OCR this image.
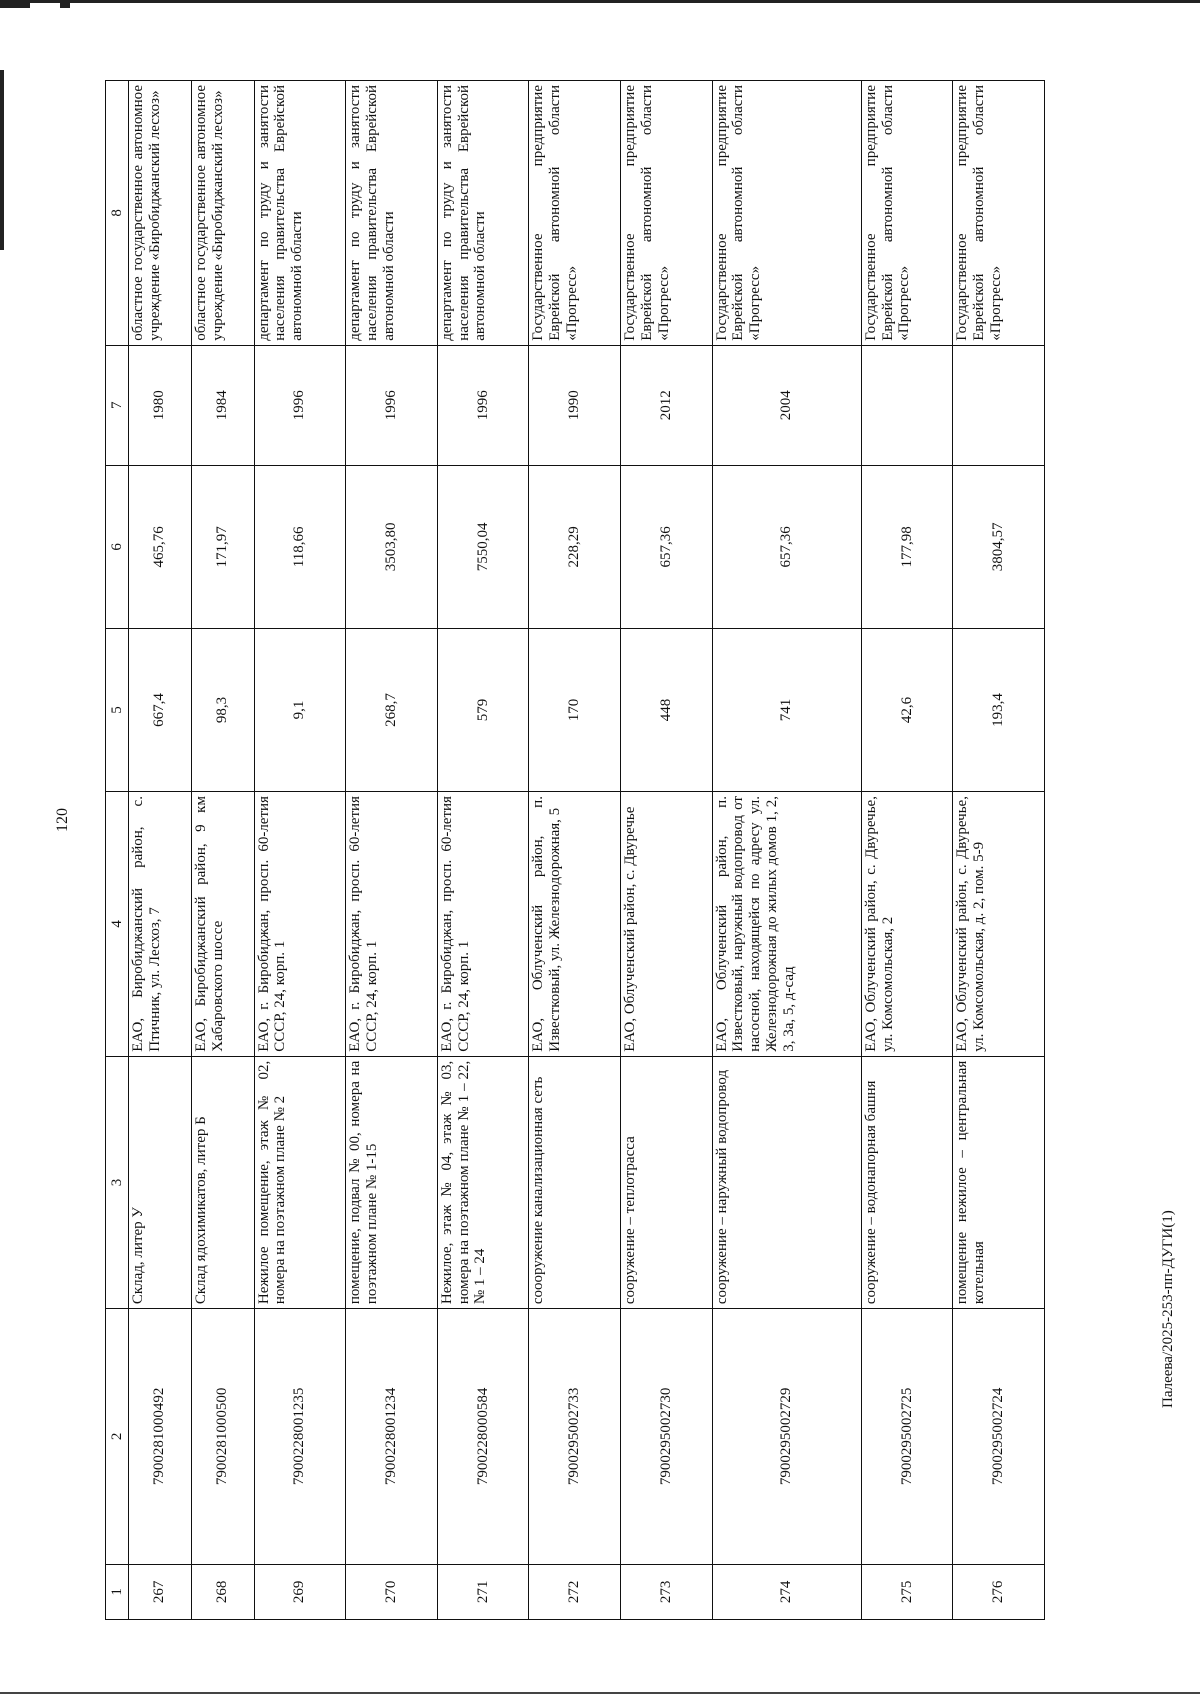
120
1	2	3	4	5	6	7	8
267	79002810004​92	Склад, литер У	ЕАО, Биробиджанский район, с. Птичник, ул. Лесхоз, 7	667,4	465,76	1980	областное государственное автономное учреждение «Биробиджанский лесхоз»
268	79002810005​00	Склад ядохимикатов, литер Б	ЕАО, Биробиджанский район, 9 км Хабаровского шоссе	98,3	171,97	1984	областное государственное автономное учреждение «Биробиджанский лесхоз»
269	79002280012​35	Нежилое помещение, этаж № 02, номера на поэтажном плане № 2	ЕАО, г. Биробиджан, просп. 60-летия СССР, 24, корп. 1	9,1	118,66	1996	департамент по труду и занятости населения правительства Еврейской автономной области
270	79002280012​34	помещение, подвал № 00, номера на поэтажном плане № 1-15	ЕАО, г. Биробиджан, просп. 60-летия СССР, 24, корп. 1	268,7	3503,80	1996	департамент по труду и занятости населения правительства Еврейской автономной области
271	79002280005​84	Нежилое, этаж № 04, этаж № 03, номера на поэтажном плане № 1 – 22, № 1 – 24	ЕАО, г. Биробиджан, просп. 60-летия СССР, 24, корп. 1	579	7550,04	1996	департамент по труду и занятости населения правительства Еврейской автономной области
272	79002950027​33	соооружение канализационная сеть	ЕАО, Облученский район, п. Известковый, ул. Железнодорожная, 5	170	228,29	1990	Государственное предприятие Еврейской автономной области «Прогресс»
273	79002950027​30	сооружение – теплотрасса	ЕАО, Облученский район, с. Двуречье	448	657,36	2012	Государственное предприятие Еврейской автономной области «Прогресс»
274	79002950027​29	сооружение – наружный водопровод	ЕАО, Облученский район, п. Известковый, наружный водопровод от насосной, находящейся по адресу ул. Железнодорожная до жилых домов 1, 2, 3, 3а, 5, д-сад	741	657,36	2004	Государственное предприятие Еврейской автономной области «Прогресс»
275	79002950027​25	сооружение – водонапорная башня	ЕАО, Облученский район, с. Двуречье, ул. Комсомольская, 2	42,6	177,98		Государственное предприятие Еврейской автономной области «Прогресс»
276	79002950027​24	помещение нежилое – центральная котельная	ЕАО, Облученский район, с. Двуречье, ул. Комсомольская, д. 2, пом. 5-9	193,4	3804,57		Государственное предприятие Еврейской автономной области «Прогресс»
Палеева/2025-253-пп-ДУГИ(1)
